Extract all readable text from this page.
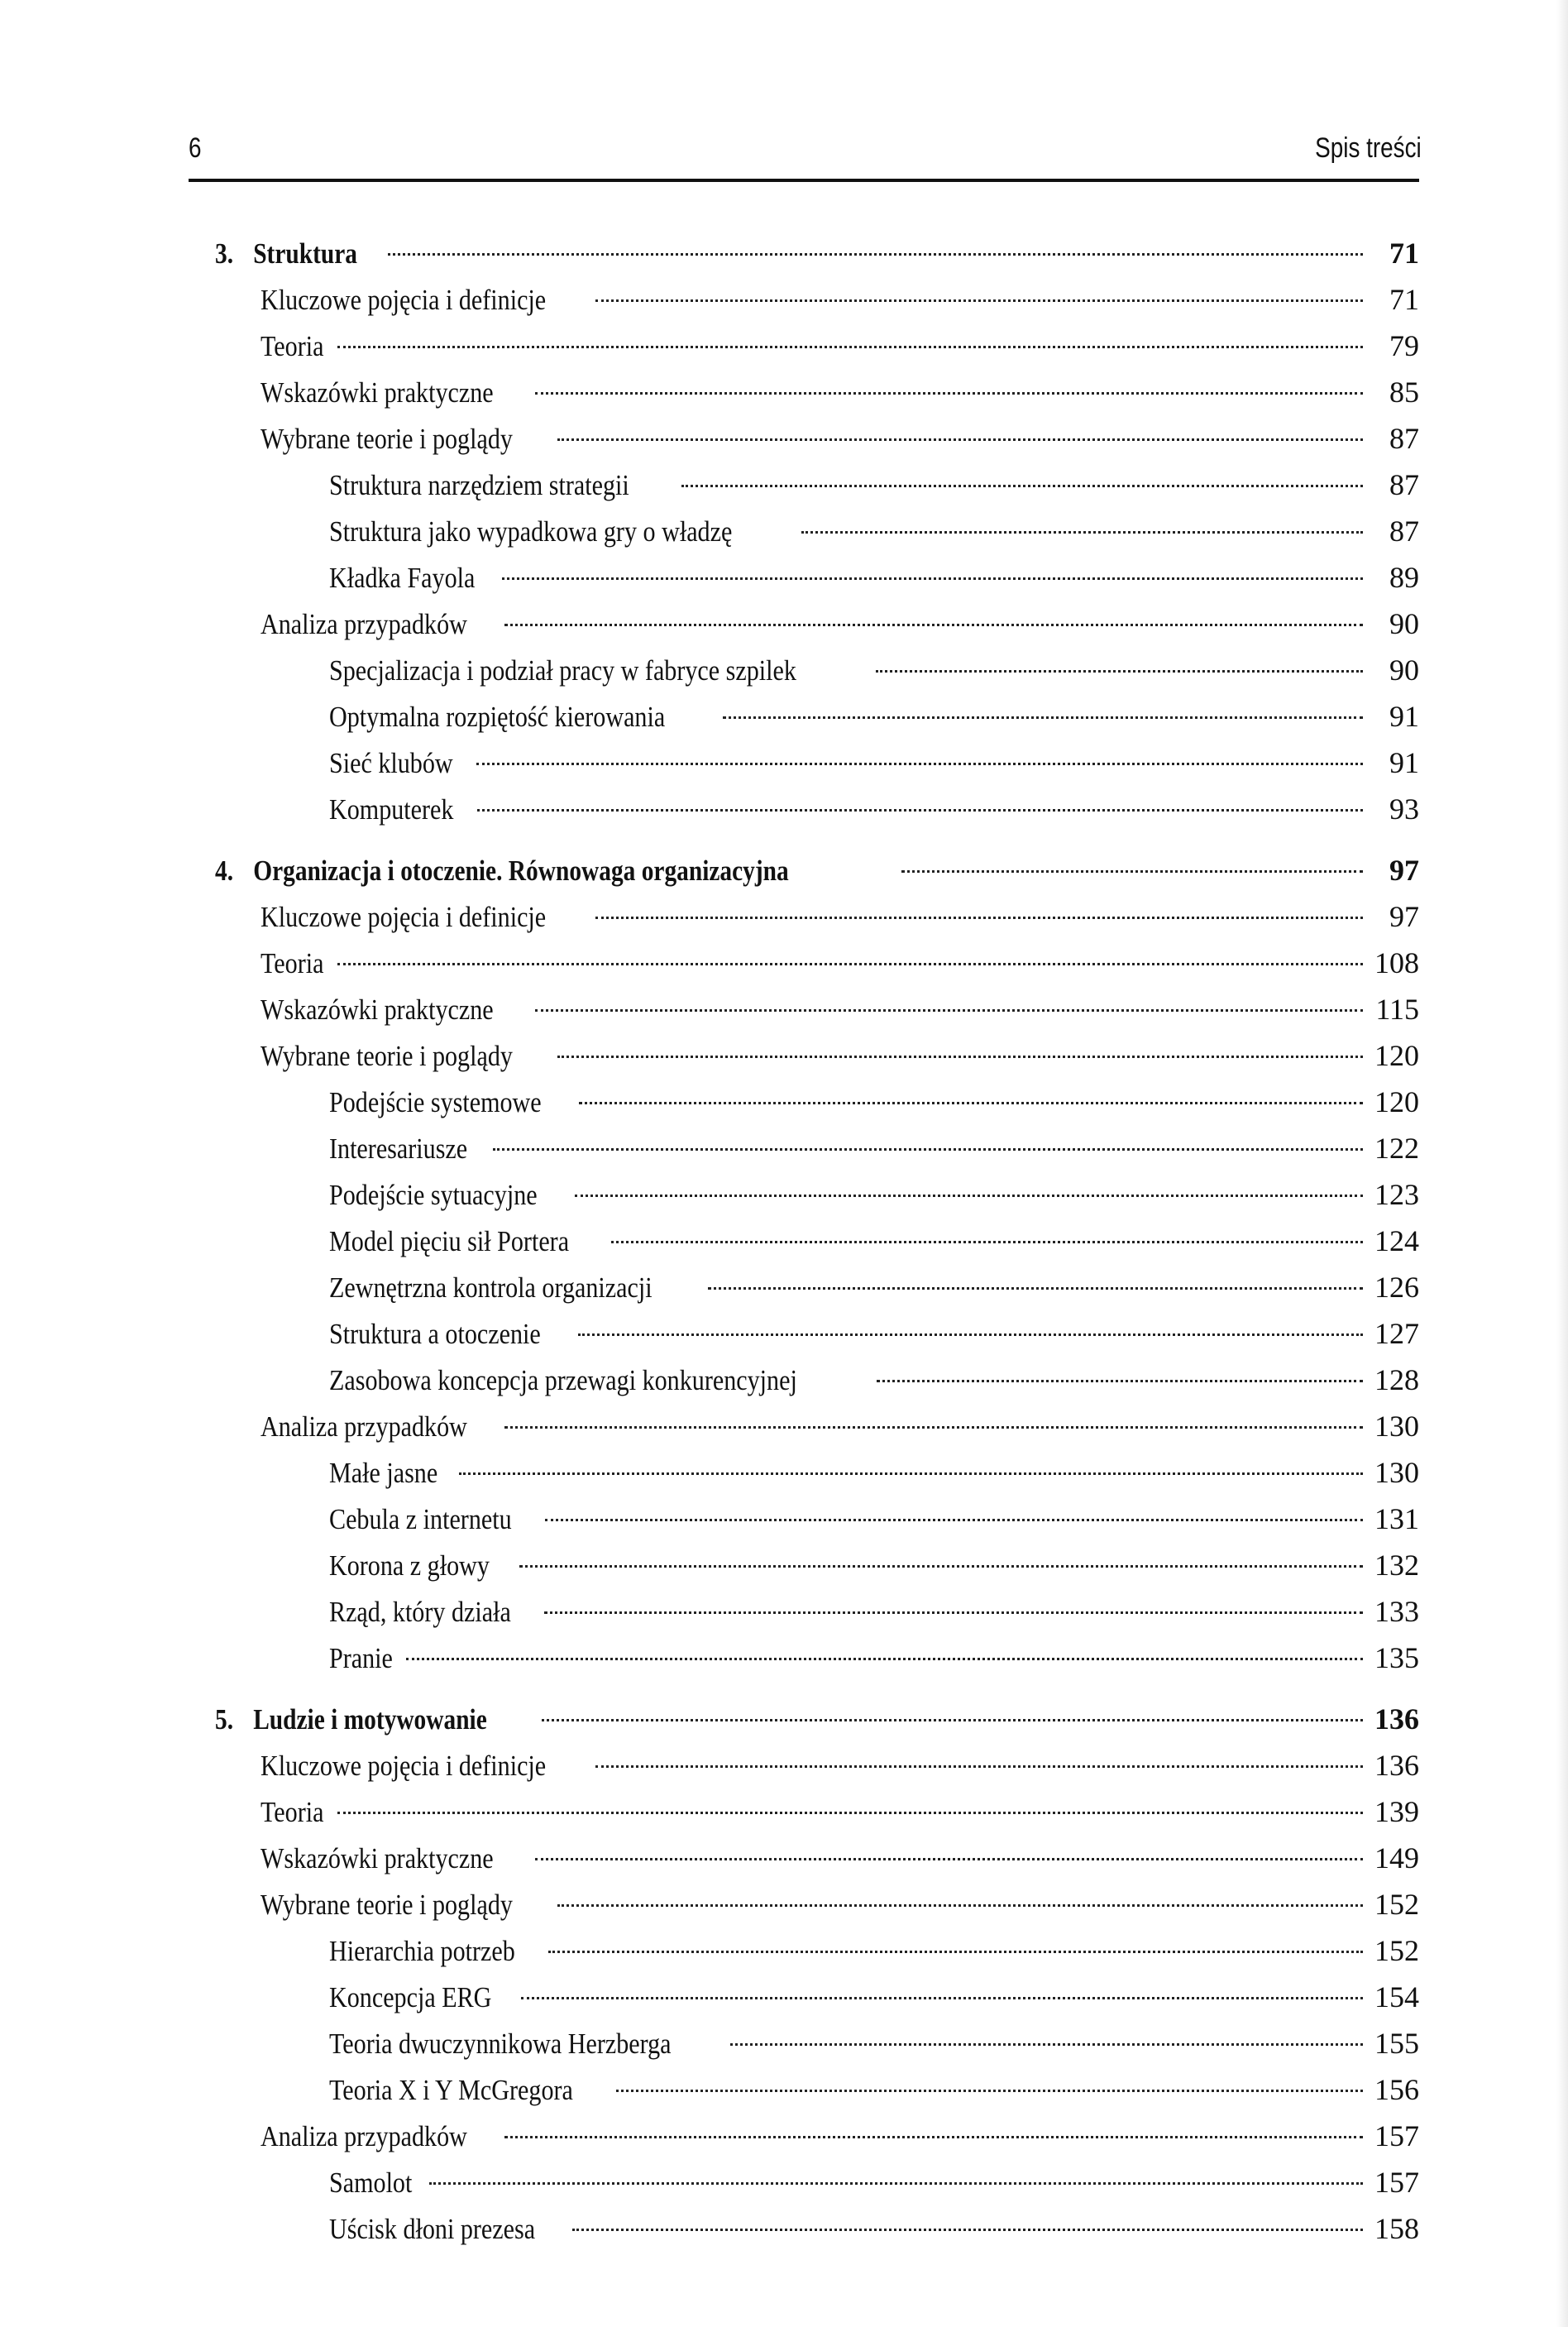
6	Spis treści
3. Struktura	71
Kluczowe pojęcia i definicje	71
Teoria	79
Wskazówki praktyczne	85
Wybrane teorie i poglądy	87
Struktura narzędziem strategii	87
Struktura jako wypadkowa gry o władzę	87
Kładka Fayola	89
Analiza przypadków	90
Specjalizacja i podział pracy w fabryce szpilek	90
Optymalna rozpiętość kierowania	91
Sieć klubów	91
Komputerek	93
4. Organizacja i otoczenie. Równowaga organizacyjna	97
Kluczowe pojęcia i definicje	97
Teoria	108
Wskazówki praktyczne	115
Wybrane teorie i poglądy	120
Podejście systemowe	120
Interesariusze	122
Podejście sytuacyjne	123
Model pięciu sił Portera	124
Zewnętrzna kontrola organizacji	126
Struktura a otoczenie	127
Zasobowa koncepcja przewagi konkurencyjnej	128
Analiza przypadków	130
Małe jasne	130
Cebula z internetu	131
Korona z głowy	132
Rząd, który działa	133
Pranie	135
5. Ludzie i motywowanie	136
Kluczowe pojęcia i definicje	136
Teoria	139
Wskazówki praktyczne	149
Wybrane teorie i poglądy	152
Hierarchia potrzeb	152
Koncepcja ERG	154
Teoria dwuczynnikowa Herzberga	155
Teoria X i Y McGregora	156
Analiza przypadków	157
Samolot	157
Uścisk dłoni prezesa	158
